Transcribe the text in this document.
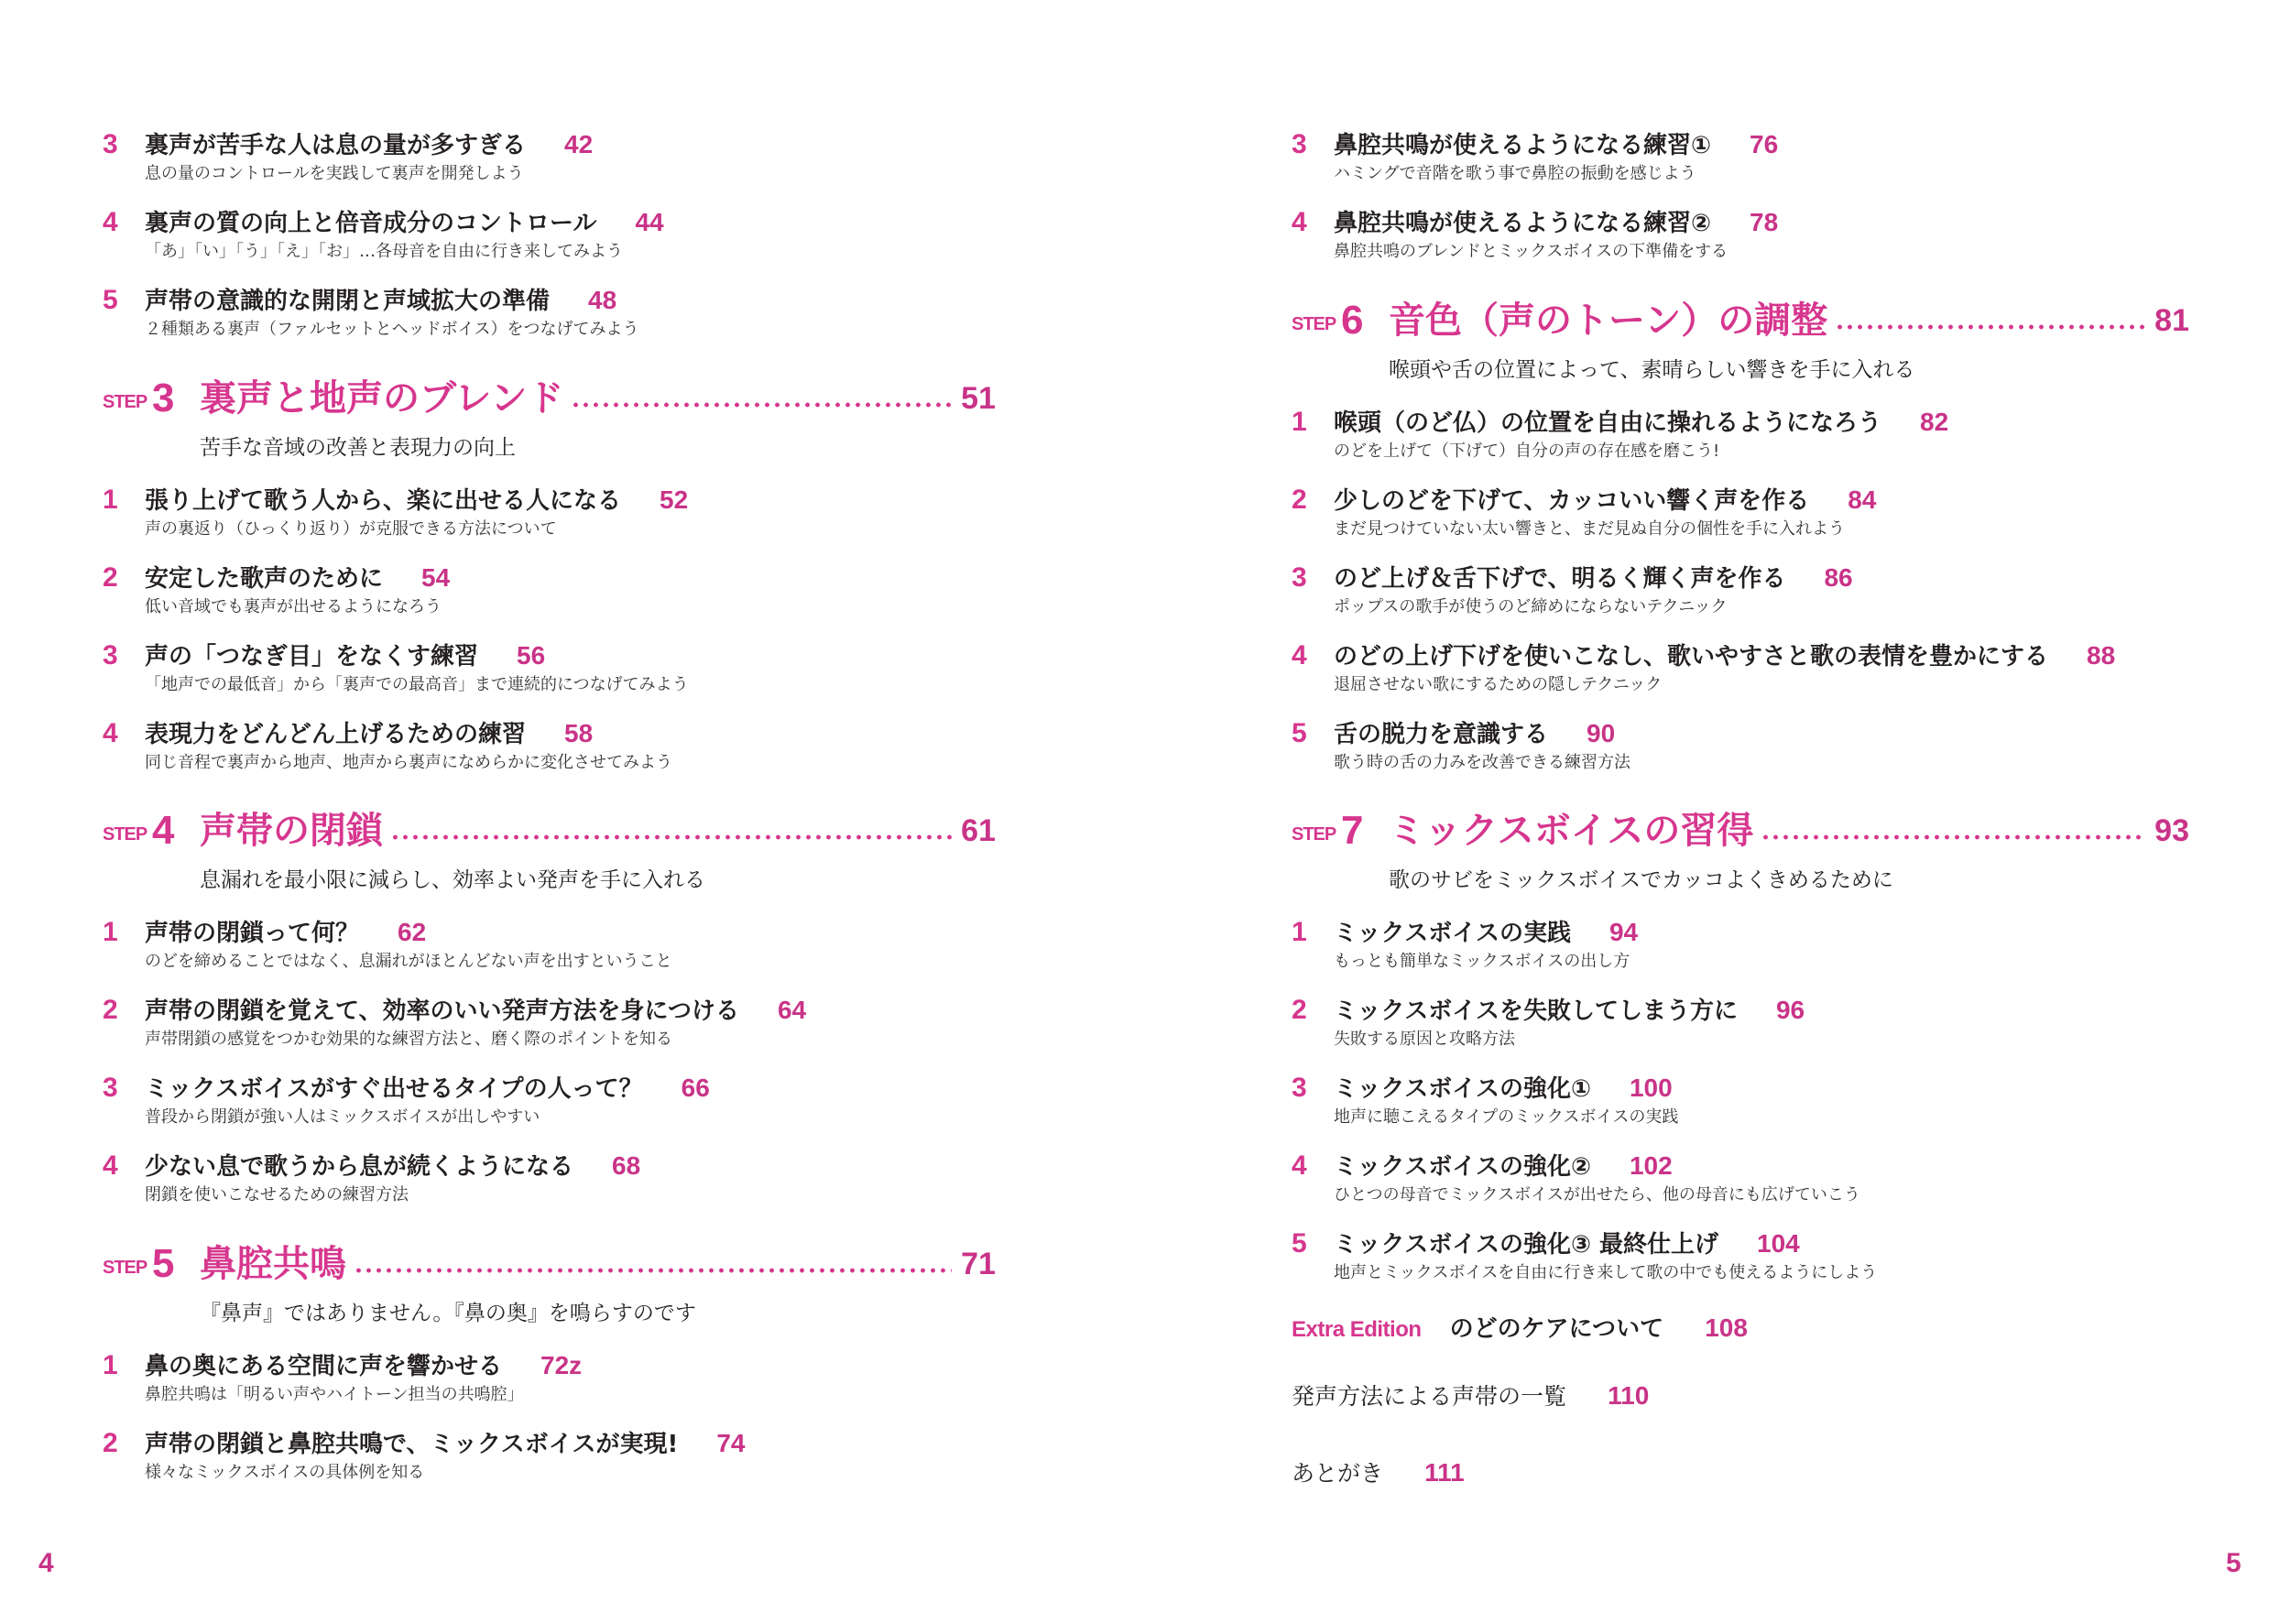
3	裏声が苦手な人は息の量が多すぎる 42
息の量のコントロールを実践して裏声を開発しよう
4	裏声の質の向上と倍音成分のコントロール 44
「あ」「い」「う」「え」「お」…各母音を自由に行き来してみよう
5	声帯の意識的な開閉と声域拡大の準備 48
２種類ある裏声（ファルセットとヘッドボイス）をつなげてみよう
STEP 3 裏声と地声のブレンド	51
苦手な音域の改善と表現力の向上
1	張り上げて歌う人から、楽に出せる人になる 52
声の裏返り（ひっくり返り）が克服できる方法について
2	安定した歌声のために 54
低い音域でも裏声が出せるようになろう
3	声の「つなぎ目」をなくす練習 56
「地声での最低音」から「裏声での最高音」まで連続的につなげてみよう
4	表現力をどんどん上げるための練習 58
同じ音程で裏声から地声、地声から裏声になめらかに変化させてみよう
STEP 4 声帯の閉鎖	61
息漏れを最小限に減らし、効率よい発声を手に入れる
1	声帯の閉鎖って何？ 62
のどを締めることではなく、息漏れがほとんどない声を出すということ
2	声帯の閉鎖を覚えて、効率のいい発声方法を身につける 64
声帯閉鎖の感覚をつかむ効果的な練習方法と、磨く際のポイントを知る
3	ミックスボイスがすぐ出せるタイプの人って？ 66
普段から閉鎖が強い人はミックスボイスが出しやすい
4	少ない息で歌うから息が続くようになる 68
閉鎖を使いこなせるための練習方法
STEP 5 鼻腔共鳴	71
『鼻声』ではありません。『鼻の奥』を鳴らすのです
1	鼻の奥にある空間に声を響かせる 72z
鼻腔共鳴は「明るい声やハイトーン担当の共鳴腔」
2	声帯の閉鎖と鼻腔共鳴で、ミックスボイスが実現! 74
様々なミックスボイスの具体例を知る
4
3	鼻腔共鳴が使えるようになる練習① 76
ハミングで音階を歌う事で鼻腔の振動を感じよう
4	鼻腔共鳴が使えるようになる練習② 78
鼻腔共鳴のブレンドとミックスボイスの下準備をする
STEP 6 音色（声のトーン）の調整	81
喉頭や舌の位置によって、素晴らしい響きを手に入れる
1	喉頭（のど仏）の位置を自由に操れるようになろう 82
のどを上げて（下げて）自分の声の存在感を磨こう!
2	少しのどを下げて、カッコいい響く声を作る 84
まだ見つけていない太い響きと、まだ見ぬ自分の個性を手に入れよう
3	のど上げ＆舌下げで、明るく輝く声を作る 86
ポップスの歌手が使うのど締めにならないテクニック
4	のどの上げ下げを使いこなし、歌いやすさと歌の表情を豊かにする 88
退屈させない歌にするための隠しテクニック
5	舌の脱力を意識する 90
歌う時の舌の力みを改善できる練習方法
STEP 7 ミックスボイスの習得	93
歌のサビをミックスボイスでカッコよくきめるために
1	ミックスボイスの実践 94
もっとも簡単なミックスボイスの出し方
2	ミックスボイスを失敗してしまう方に 96
失敗する原因と攻略方法
3	ミックスボイスの強化① 100
地声に聴こえるタイプのミックスボイスの実践
4	ミックスボイスの強化② 102
ひとつの母音でミックスボイスが出せたら、他の母音にも広げていこう
5	ミックスボイスの強化③ 最終仕上げ 104
地声とミックスボイスを自由に行き来して歌の中でも使えるようにしよう
Extra Edition のどのケアについて 108
発声方法による声帯の一覧 110
あとがき 111
5
